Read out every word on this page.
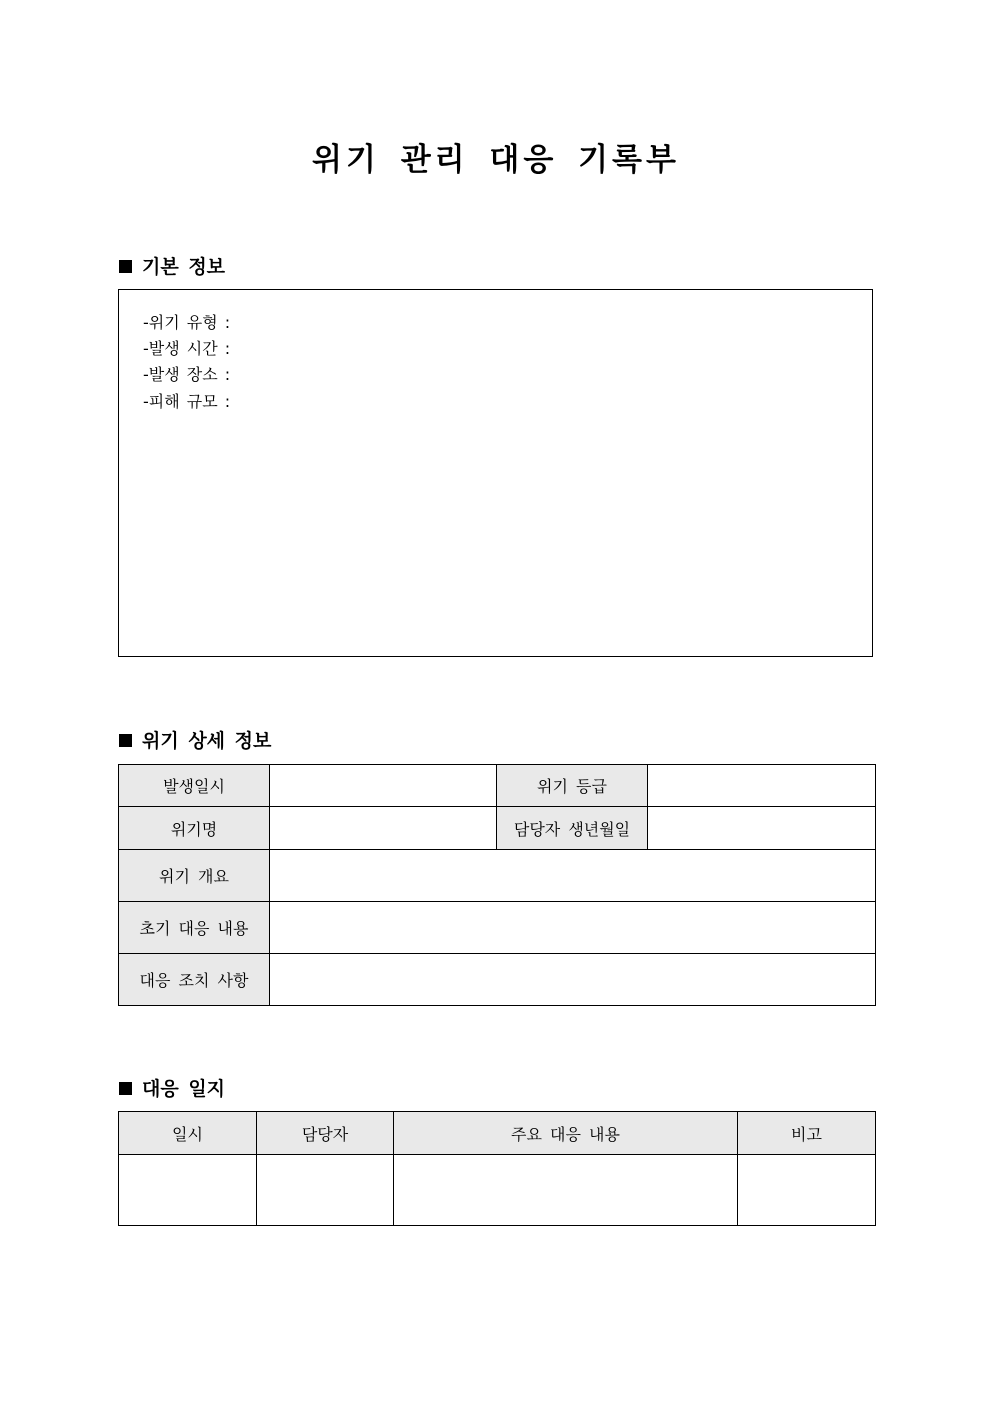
위기 관리 대응 기록부
기본 정보
-위기 유형 :
-발생 시간 :
-발생 장소 :
-피해 규모 :
위기 상세 정보
발생일시		위기 등급	
위기명		담당자 생년월일	
위기 개요			
초기 대응 내용			
대응 조치 사항			
대응 일지
일시	담당자	주요 대응 내용	비고
